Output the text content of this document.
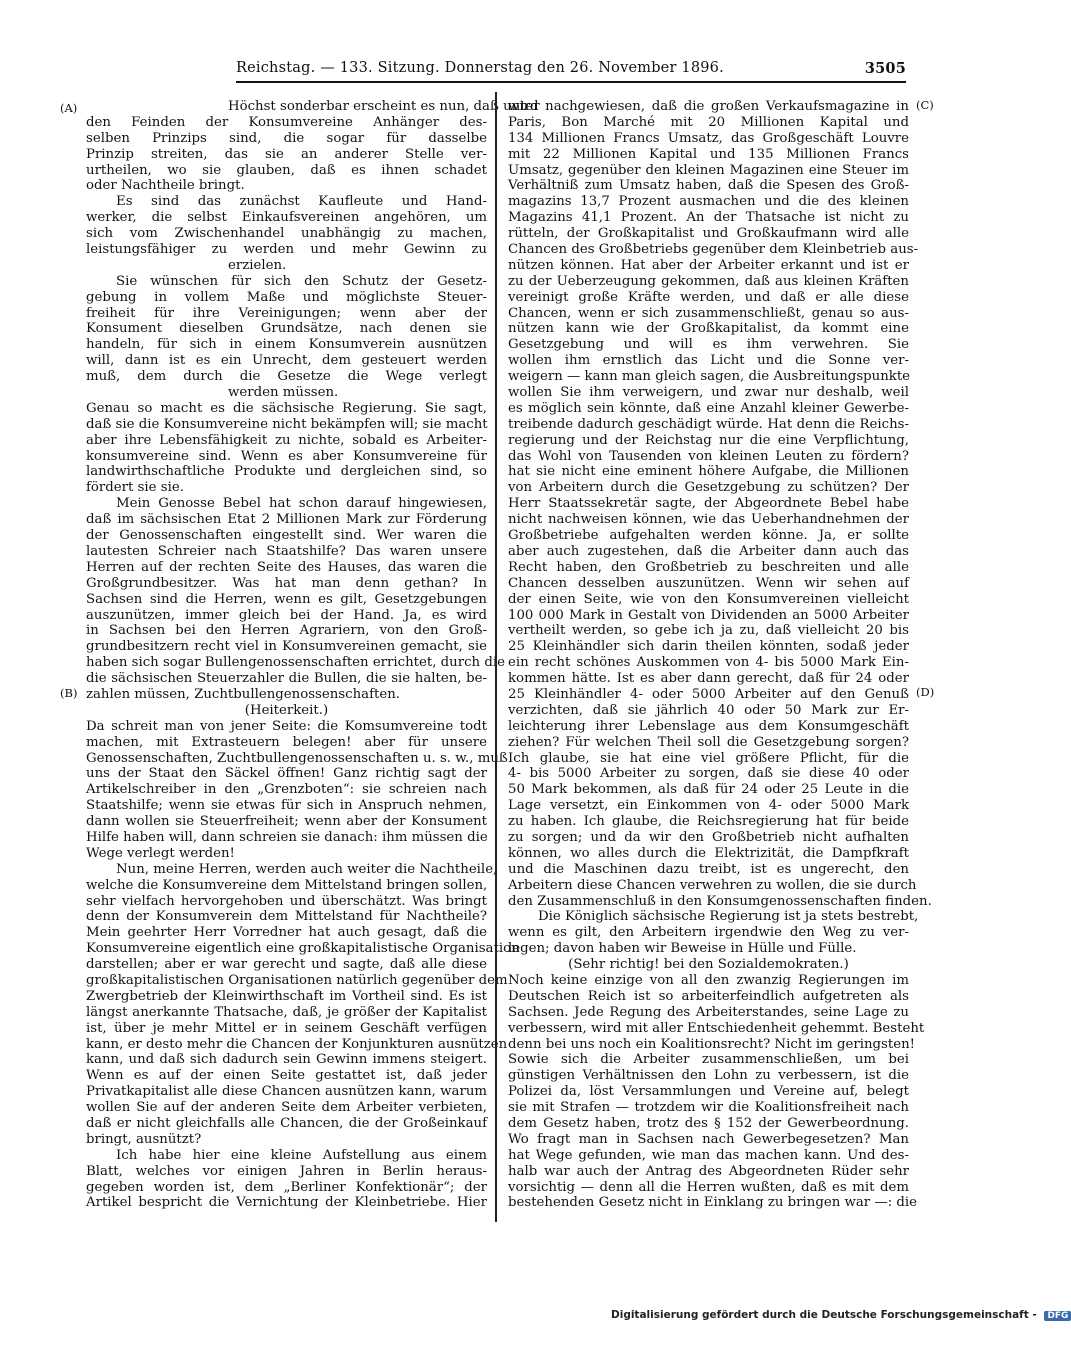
Reichstag. — 133. Sitzung. Donnerstag den 26. November 1896.	3505
(A)
(B)
(C)
(D)
Höchst sonderbar erscheint es nun, daß unter
den Feinden der Konsumvereine Anhänger des-
selben Prinzips sind, die sogar für dasselbe
Prinzip streiten, das sie an anderer Stelle ver-
urtheilen, wo sie glauben, daß es ihnen schadet
oder Nachtheile bringt.
Es sind das zunächst Kaufleute und Hand-
werker, die selbst Einkaufsvereinen angehören, um
sich vom Zwischenhandel unabhängig zu machen,
leistungsfähiger zu werden und mehr Gewinn zu
erzielen.
Sie wünschen für sich den Schutz der Gesetz-
gebung in vollem Maße und möglichste Steuer-
freiheit für ihre Vereinigungen; wenn aber der
Konsument dieselben Grundsätze, nach denen sie
handeln, für sich in einem Konsumverein ausnützen
will, dann ist es ein Unrecht, dem gesteuert werden
muß, dem durch die Gesetze die Wege verlegt
werden müssen.
Genau so macht es die sächsische Regierung. Sie sagt,
daß sie die Konsumvereine nicht bekämpfen will; sie macht
aber ihre Lebensfähigkeit zu nichte, sobald es Arbeiter-
konsumvereine sind. Wenn es aber Konsumvereine für
landwirthschaftliche Produkte und dergleichen sind, so
fördert sie sie.
Mein Genosse Bebel hat schon darauf hingewiesen,
daß im sächsischen Etat 2 Millionen Mark zur Förderung
der Genossenschaften eingestellt sind. Wer waren die
lautesten Schreier nach Staatshilfe? Das waren unsere
Herren auf der rechten Seite des Hauses, das waren die
Großgrundbesitzer. Was hat man denn gethan? In
Sachsen sind die Herren, wenn es gilt, Gesetzgebungen
auszunützen, immer gleich bei der Hand. Ja, es wird
in Sachsen bei den Herren Agrariern, von den Groß-
grundbesitzern recht viel in Konsumvereinen gemacht, sie
haben sich sogar Bullengenossenschaften errichtet, durch die
die sächsischen Steuerzahler die Bullen, die sie halten, be-
zahlen müssen, Zuchtbullengenossenschaften.
(Heiterkeit.)
Da schreit man von jener Seite: die Komsumvereine todt
machen, mit Extrasteuern belegen! aber für unsere
Genossenschaften, Zuchtbullengenossenschaften u. s. w., muß
uns der Staat den Säckel öffnen! Ganz richtig sagt der
Artikelschreiber in den „Grenzboten“: sie schreien nach
Staatshilfe; wenn sie etwas für sich in Anspruch nehmen,
dann wollen sie Steuerfreiheit; wenn aber der Konsument
Hilfe haben will, dann schreien sie danach: ihm müssen die
Wege verlegt werden!
Nun, meine Herren, werden auch weiter die Nachtheile,
welche die Konsumvereine dem Mittelstand bringen sollen,
sehr vielfach hervorgehoben und überschätzt. Was bringt
denn der Konsumverein dem Mittelstand für Nachtheile?
Mein geehrter Herr Vorredner hat auch gesagt, daß die
Konsumvereine eigentlich eine großkapitalistische Organisation
darstellen; aber er war gerecht und sagte, daß alle diese
großkapitalistischen Organisationen natürlich gegenüber dem
Zwergbetrieb der Kleinwirthschaft im Vortheil sind. Es ist
längst anerkannte Thatsache, daß, je größer der Kapitalist
ist, über je mehr Mittel er in seinem Geschäft verfügen
kann, er desto mehr die Chancen der Konjunkturen ausnützen
kann, und daß sich dadurch sein Gewinn immens steigert.
Wenn es auf der einen Seite gestattet ist, daß jeder
Privatkapitalist alle diese Chancen ausnützen kann, warum
wollen Sie auf der anderen Seite dem Arbeiter verbieten,
daß er nicht gleichfalls alle Chancen, die der Großeinkauf
bringt, ausnützt?
Ich habe hier eine kleine Aufstellung aus einem
Blatt, welches vor einigen Jahren in Berlin heraus-
gegeben worden ist, dem „Berliner Konfektionär“; der
Artikel bespricht die Vernichtung der Kleinbetriebe. Hier
wird nachgewiesen, daß die großen Verkaufsmagazine in
Paris, Bon Marché mit 20 Millionen Kapital und
134 Millionen Francs Umsatz, das Großgeschäft Louvre
mit 22 Millionen Kapital und 135 Millionen Francs
Umsatz, gegenüber den kleinen Magazinen eine Steuer im
Verhältniß zum Umsatz haben, daß die Spesen des Groß-
magazins 13,7 Prozent ausmachen und die des kleinen
Magazins 41,1 Prozent. An der Thatsache ist nicht zu
rütteln, der Großkapitalist und Großkaufmann wird alle
Chancen des Großbetriebs gegenüber dem Kleinbetrieb aus-
nützen können. Hat aber der Arbeiter erkannt und ist er
zu der Ueberzeugung gekommen, daß aus kleinen Kräften
vereinigt große Kräfte werden, und daß er alle diese
Chancen, wenn er sich zusammenschließt, genau so aus-
nützen kann wie der Großkapitalist, da kommt eine
Gesetzgebung und will es ihm verwehren. Sie
wollen ihm ernstlich das Licht und die Sonne ver-
weigern — kann man gleich sagen, die Ausbreitungspunkte
wollen Sie ihm verweigern, und zwar nur deshalb, weil
es möglich sein könnte, daß eine Anzahl kleiner Gewerbe-
treibende dadurch geschädigt würde. Hat denn die Reichs-
regierung und der Reichstag nur die eine Verpflichtung,
das Wohl von Tausenden von kleinen Leuten zu fördern?
hat sie nicht eine eminent höhere Aufgabe, die Millionen
von Arbeitern durch die Gesetzgebung zu schützen? Der
Herr Staatssekretär sagte, der Abgeordnete Bebel habe
nicht nachweisen können, wie das Ueberhandnehmen der
Großbetriebe aufgehalten werden könne. Ja, er sollte
aber auch zugestehen, daß die Arbeiter dann auch das
Recht haben, den Großbetrieb zu beschreiten und alle
Chancen desselben auszunützen. Wenn wir sehen auf
der einen Seite, wie von den Konsumvereinen vielleicht
100 000 Mark in Gestalt von Dividenden an 5000 Arbeiter
vertheilt werden, so gebe ich ja zu, daß vielleicht 20 bis
25 Kleinhändler sich darin theilen könnten, sodaß jeder
ein recht schönes Auskommen von 4- bis 5000 Mark Ein-
kommen hätte. Ist es aber dann gerecht, daß für 24 oder
25 Kleinhändler 4- oder 5000 Arbeiter auf den Genuß
verzichten, daß sie jährlich 40 oder 50 Mark zur Er-
leichterung ihrer Lebenslage aus dem Konsumgeschäft
ziehen? Für welchen Theil soll die Gesetzgebung sorgen?
Ich glaube, sie hat eine viel größere Pflicht, für die
4- bis 5000 Arbeiter zu sorgen, daß sie diese 40 oder
50 Mark bekommen, als daß für 24 oder 25 Leute in die
Lage versetzt, ein Einkommen von 4- oder 5000 Mark
zu haben. Ich glaube, die Reichsregierung hat für beide
zu sorgen; und da wir den Großbetrieb nicht aufhalten
können, wo alles durch die Elektrizität, die Dampfkraft
und die Maschinen dazu treibt, ist es ungerecht, den
Arbeitern diese Chancen verwehren zu wollen, die sie durch
den Zusammenschluß in den Konsumgenossenschaften finden.
Die Königlich sächsische Regierung ist ja stets bestrebt,
wenn es gilt, den Arbeitern irgendwie den Weg zu ver-
legen; davon haben wir Beweise in Hülle und Fülle.
(Sehr richtig! bei den Sozialdemokraten.)
Noch keine einzige von all den zwanzig Regierungen im
Deutschen Reich ist so arbeiterfeindlich aufgetreten als
Sachsen. Jede Regung des Arbeiterstandes, seine Lage zu
verbessern, wird mit aller Entschiedenheit gehemmt. Besteht
denn bei uns noch ein Koalitionsrecht? Nicht im geringsten!
Sowie sich die Arbeiter zusammenschließen, um bei
günstigen Verhältnissen den Lohn zu verbessern, ist die
Polizei da, löst Versammlungen und Vereine auf, belegt
sie mit Strafen — trotzdem wir die Koalitionsfreiheit nach
dem Gesetz haben, trotz des § 152 der Gewerbeordnung.
Wo fragt man in Sachsen nach Gewerbegesetzen? Man
hat Wege gefunden, wie man das machen kann. Und des-
halb war auch der Antrag des Abgeordneten Rüder sehr
vorsichtig — denn all die Herren wußten, daß es mit dem
bestehenden Gesetz nicht in Einklang zu bringen war —: die
Digitalisierung gefördert durch die Deutsche Forschungsgemeinschaft - DFG
